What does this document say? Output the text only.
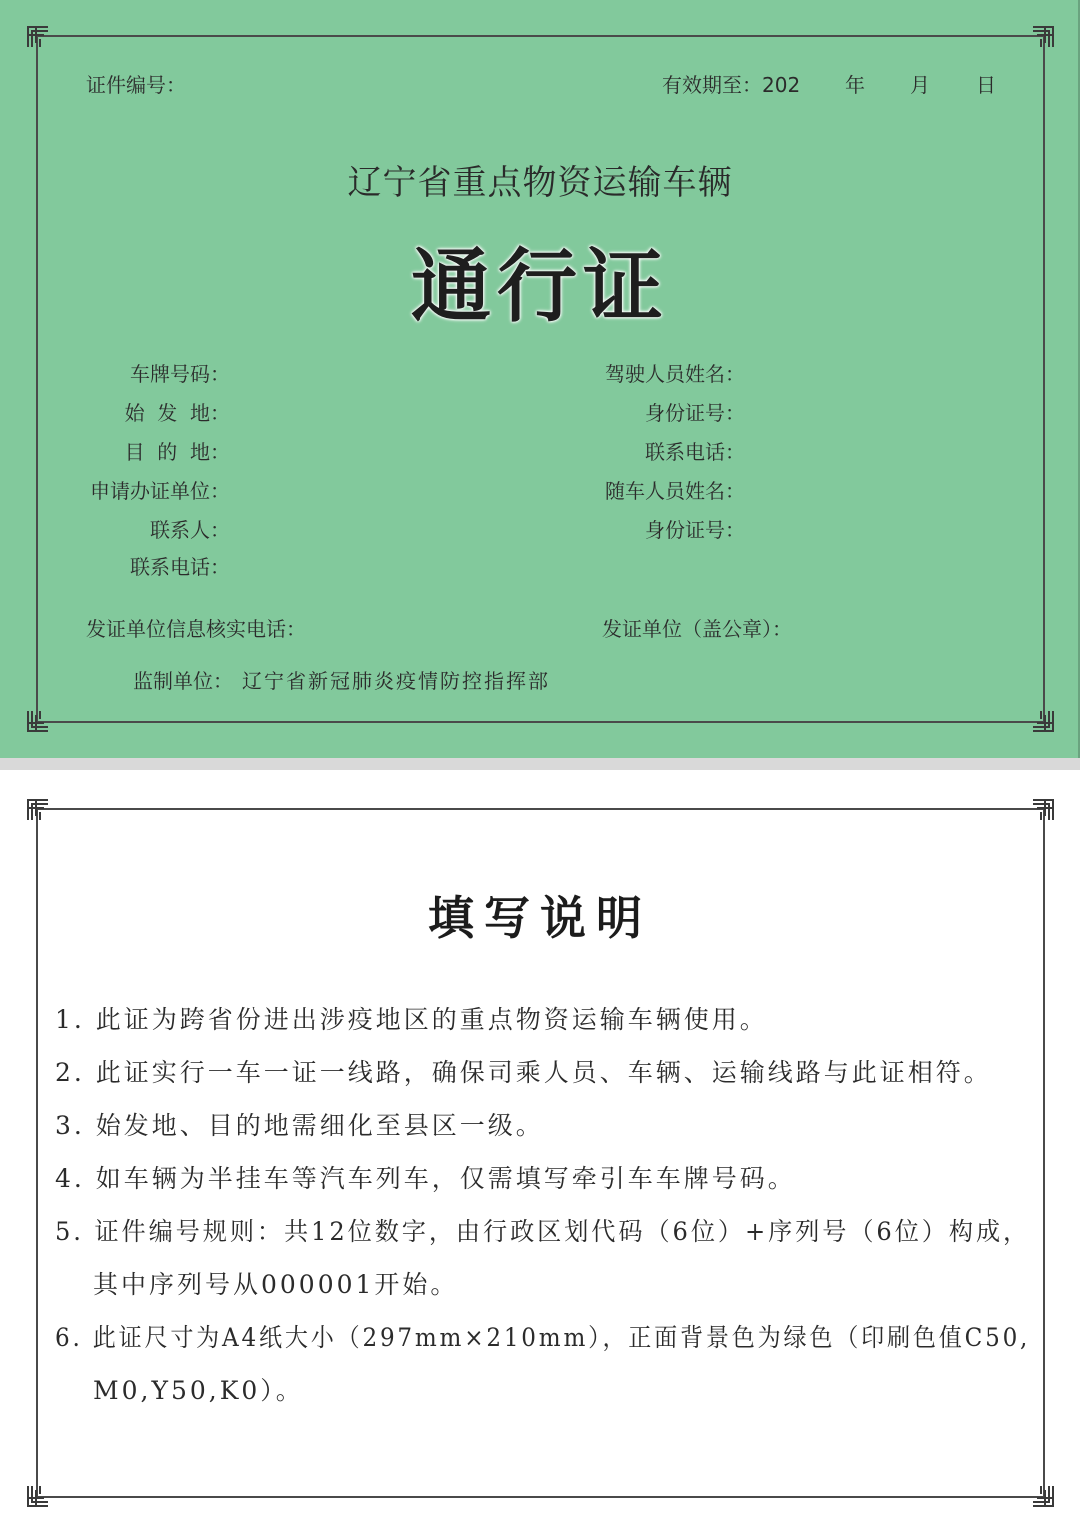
证件编号：	有效期至：202 年 月 日
辽宁省重点物资运输车辆
通行证
车牌号码：
始  发  地：
目  的  地：
申请办证单位：
联系人：
联系电话：
驾驶人员姓名：
身份证号：
联系电话：
随车人员姓名：
身份证号：
发证单位信息核实电话：	发证单位（盖公章）：
监制单位： 辽宁省新冠肺炎疫情防控指挥部
填写说明
1. 此证为跨省份进出涉疫地区的重点物资运输车辆使用。
2. 此证实行一车一证一线路，确保司乘人员、车辆、运输线路与此证相符。
3. 始发地、目的地需细化至县区一级。
4. 如车辆为半挂车等汽车列车，仅需填写牵引车车牌号码。
5. 证件编号规则：共12位数字，由行政区划代码（6位）+序列号（6位）构成，
其中序列号从000001开始。
6. 此证尺寸为A4纸大小（297mm×210mm），正面背景色为绿色（印刷色值C50,
M0,Y50,K0）。
